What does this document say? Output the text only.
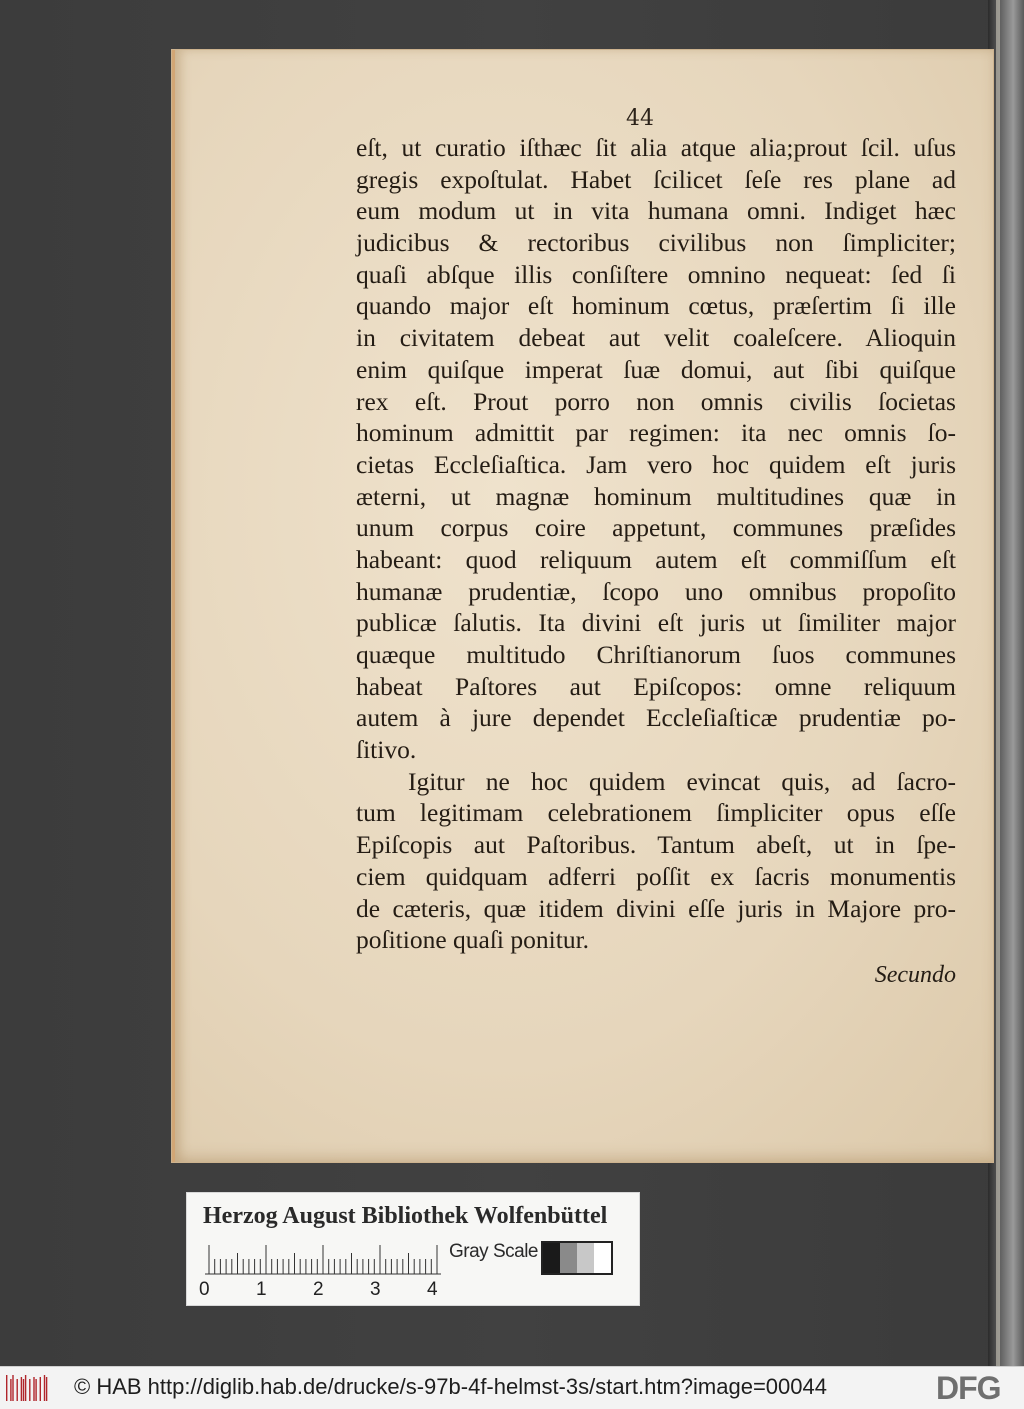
44
eſt, ut curatio iſthæc ſit alia atque alia;prout ſcil. uſus
gregis expoſtulat. Habet ſcilicet ſeſe res plane ad
eum modum ut in vita humana omni. Indiget hæc
judicibus & rectoribus civilibus non ſimpliciter;
quaſi abſque illis conſiſtere omnino nequeat: ſed ſi
quando major eſt hominum cœtus, præſertim ſi ille
in civitatem debeat aut velit coaleſcere. Alioquin
enim quiſque imperat ſuæ domui, aut ſibi quiſque
rex eſt. Prout porro non omnis civilis ſocietas
hominum admittit par regimen: ita nec omnis ſo-
cietas Eccleſiaſtica. Jam vero hoc quidem eſt juris
æterni, ut magnæ hominum multitudines quæ in
unum corpus coire appetunt, communes præſides
habeant: quod reliquum autem eſt commiſſum eſt
humanæ prudentiæ, ſcopo uno omnibus propoſito
publicæ ſalutis. Ita divini eſt juris ut ſimiliter major
quæque multitudo Chriſtianorum ſuos communes
habeat Paſtores aut Epiſcopos: omne reliquum
autem à jure dependet Eccleſiaſticæ prudentiæ po-
ſitivo.
Igitur ne hoc quidem evincat quis, ad ſacro-
tum legitimam celebrationem ſimpliciter opus eſſe
Epiſcopis aut Paſtoribus. Tantum abeſt, ut in ſpe-
ciem quidquam adferri poſſit ex ſacris monumentis
de cæteris, quæ itidem divini eſſe juris in Majore pro-
poſitione quaſi ponitur.
Secundo
Herzog August Bibliothek Wolfenbüttel
0 1 2 3 4
Gray Scale
© HAB http://diglib.hab.de/drucke/s-97b-4f-helmst-3s/start.htm?image=00044	DFG
